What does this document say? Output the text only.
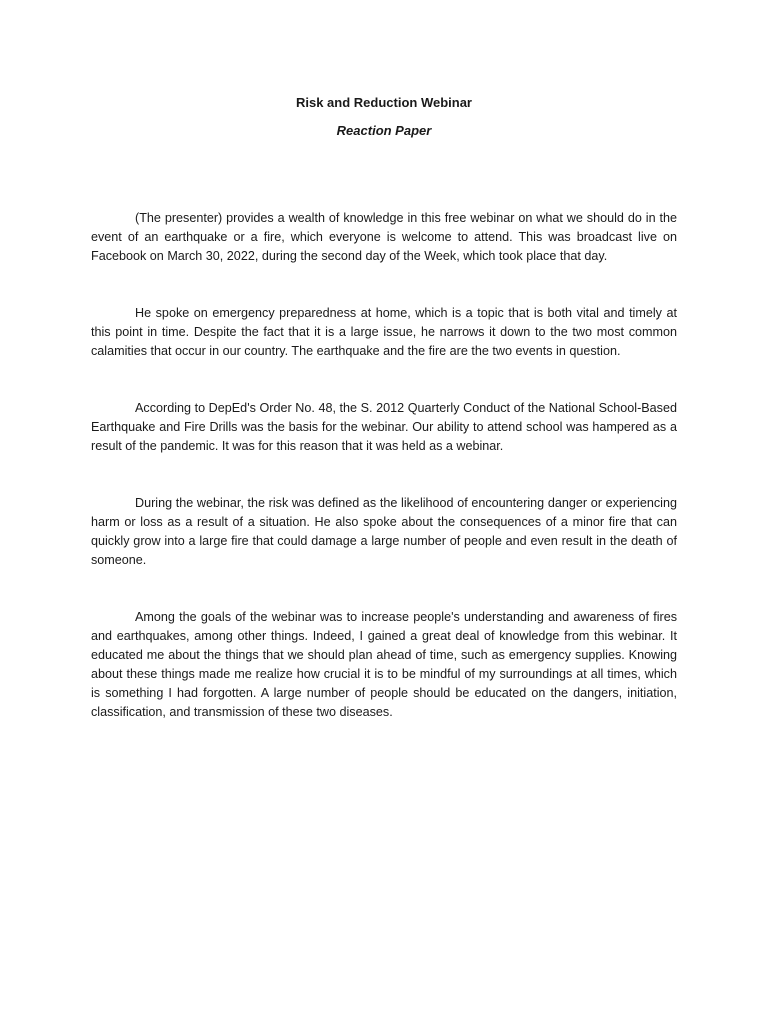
Risk and Reduction Webinar
Reaction Paper

(The presenter) provides a wealth of knowledge in this free webinar on what we should do in the event of an earthquake or a fire, which everyone is welcome to attend. This was broadcast live on Facebook on March 30, 2022, during the second day of the Week, which took place that day.

He spoke on emergency preparedness at home, which is a topic that is both vital and timely at this point in time. Despite the fact that it is a large issue, he narrows it down to the two most common calamities that occur in our country. The earthquake and the fire are the two events in question.

According to DepEd's Order No. 48, the S. 2012 Quarterly Conduct of the National School-Based Earthquake and Fire Drills was the basis for the webinar. Our ability to attend school was hampered as a result of the pandemic. It was for this reason that it was held as a webinar.

During the webinar, the risk was defined as the likelihood of encountering danger or experiencing harm or loss as a result of a situation. He also spoke about the consequences of a minor fire that can quickly grow into a large fire that could damage a large number of people and even result in the death of someone.

Among the goals of the webinar was to increase people's understanding and awareness of fires and earthquakes, among other things. Indeed, I gained a great deal of knowledge from this webinar. It educated me about the things that we should plan ahead of time, such as emergency supplies. Knowing about these things made me realize how crucial it is to be mindful of my surroundings at all times, which is something I had forgotten. A large number of people should be educated on the dangers, initiation, classification, and transmission of these two diseases.
